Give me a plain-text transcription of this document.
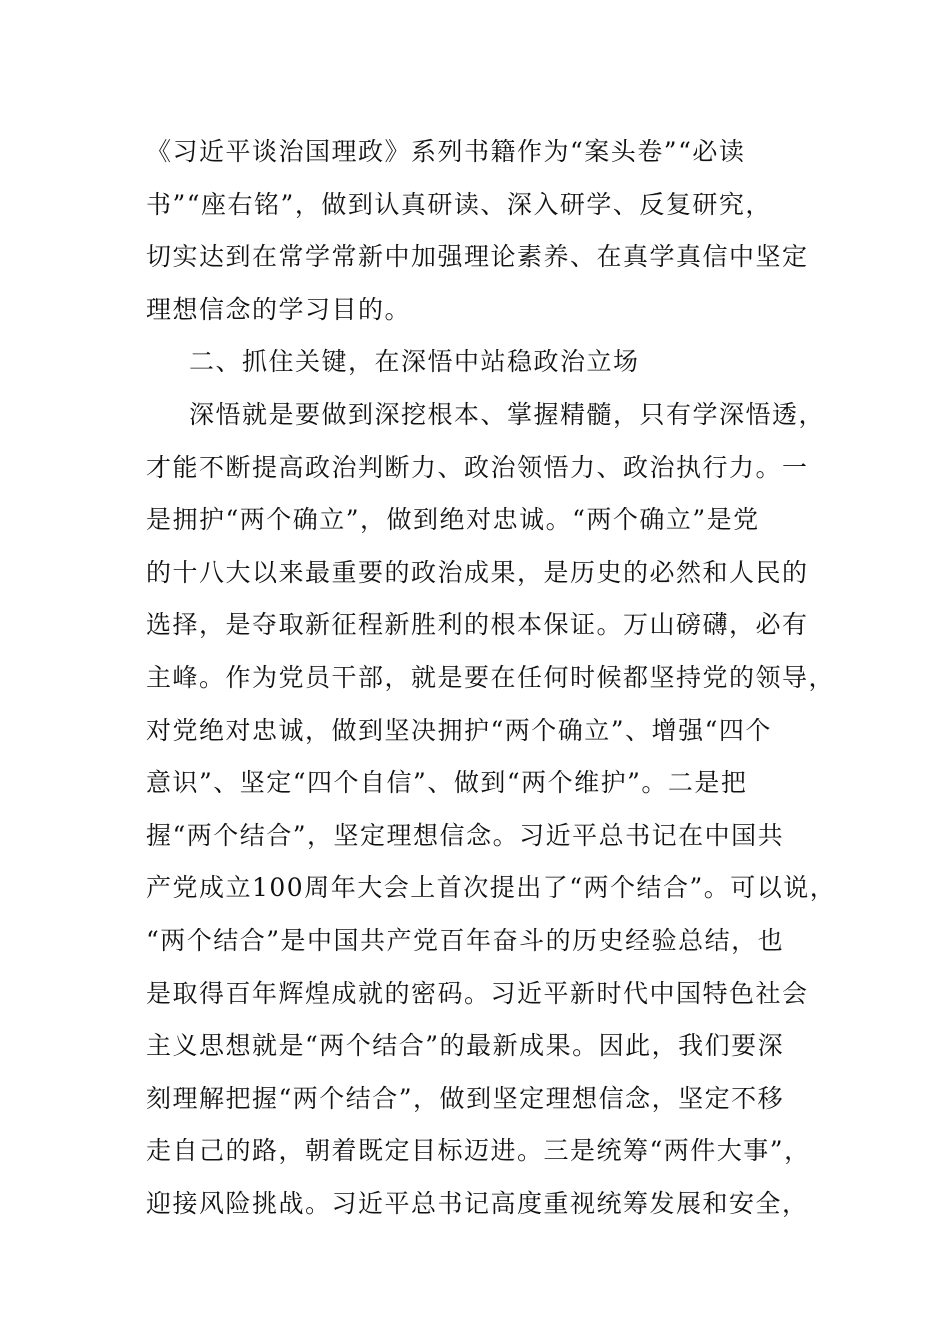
《习近平谈治国理政》系列书籍作为“案头卷”“必读
书”“座右铭”，做到认真研读、深入研学、反复研究，
切实达到在常学常新中加强理论素养、在真学真信中坚定
理想信念的学习目的。
二、抓住关键，在深悟中站稳政治立场
深悟就是要做到深挖根本、掌握精髓，只有学深悟透，
才能不断提高政治判断力、政治领悟力、政治执行力。一
是拥护“两个确立”，做到绝对忠诚。“两个确立”是党
的十八大以来最重要的政治成果，是历史的必然和人民的
选择，是夺取新征程新胜利的根本保证。万山磅礴，必有
主峰。作为党员干部，就是要在任何时候都坚持党的领导，
对党绝对忠诚，做到坚决拥护“两个确立”、增强“四个
意识”、坚定“四个自信”、做到“两个维护”。二是把
握“两个结合”，坚定理想信念。习近平总书记在中国共
产党成立100周年大会上首次提出了“两个结合”。可以说，
“两个结合”是中国共产党百年奋斗的历史经验总结，也
是取得百年辉煌成就的密码。习近平新时代中国特色社会
主义思想就是“两个结合”的最新成果。因此，我们要深
刻理解把握“两个结合”，做到坚定理想信念，坚定不移
走自己的路，朝着既定目标迈进。三是统筹“两件大事”，
迎接风险挑战。习近平总书记高度重视统筹发展和安全，
